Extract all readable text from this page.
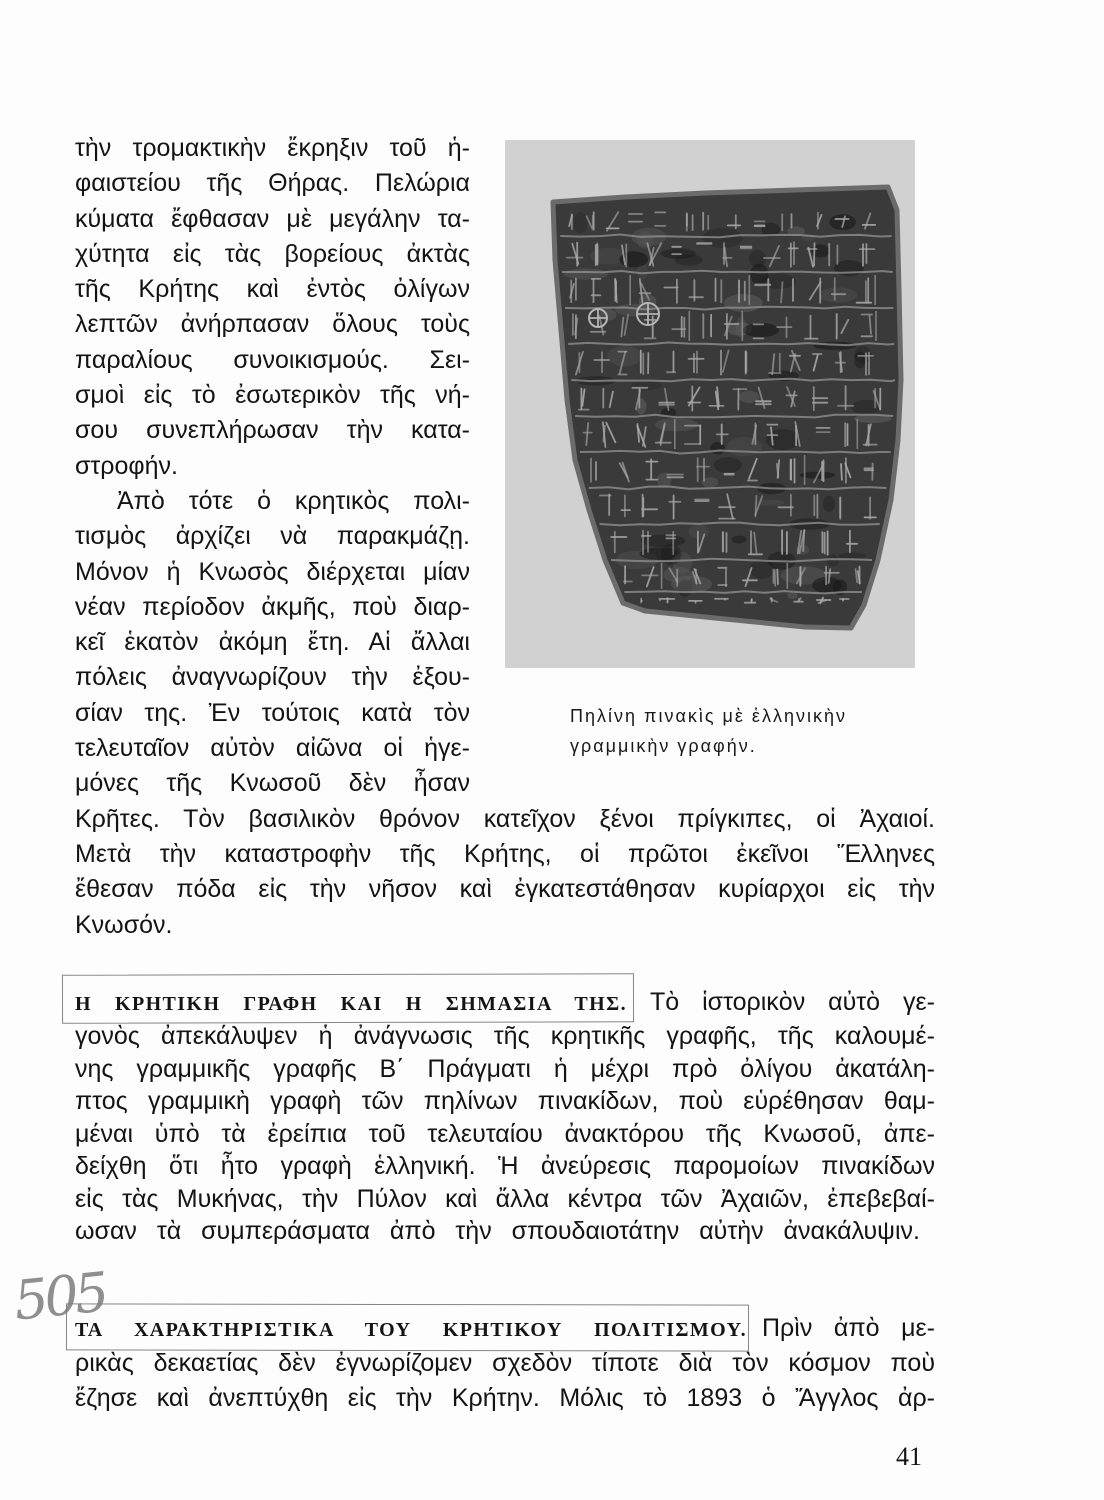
τὴν τρομακτικὴν ἔκρηξιν τοῦ ἡ-
φαιστείου τῆς Θήρας. Πελώρια
κύματα ἔφθασαν μὲ μεγάλην τα-
χύτητα εἰς τὰς βορείους ἀκτὰς
τῆς Κρήτης καὶ ἐντὸς ὀλίγων
λεπτῶν ἀνήρπασαν ὅλους τοὺς
παραλίους συνοικισμούς. Σει-
σμοὶ εἰς τὸ ἐσωτερικὸν τῆς νή-
σου συνεπλήρωσαν τὴν κατα-
στροφήν.
Ἀπὸ τότε ὁ κρητικὸς πολι-
τισμὸς ἀρχίζει νὰ παρακμάζῃ.
Μόνον ἡ Κνωσὸς διέρχεται μίαν
νέαν περίοδον ἀκμῆς, ποὺ διαρ-
κεῖ ἑκατὸν ἀκόμη ἔτη. Αἱ ἄλλαι
πόλεις ἀναγνωρίζουν τὴν ἐξου-
σίαν της. Ἐν τούτοις κατὰ τὸν
τελευταῖον αὐτὸν αἰῶνα οἱ ἡγε-
μόνες τῆς Κνωσοῦ δὲν ἦσαν
Κρῆτες. Τὸν βασιλικὸν θρόνον κατεῖχον ξένοι πρίγκιπες, οἱ Ἀχαιοί.
Μετὰ τὴν καταστροφὴν τῆς Κρήτης, οἱ πρῶτοι ἐκεῖνοι Ἕλληνες
ἔθεσαν πόδα εἰς τὴν νῆσον καὶ ἐγκατεστάθησαν κυρίαρχοι εἰς τὴν
Κνωσόν.
Πηλίνη πινακὶς μὲ ἑλληνικὴν
γραμμικὴν γραφήν.
505
Η ΚΡΗΤΙΚΗ ΓΡΑΦΗ ΚΑΙ Η ΣΗΜΑΣΙΑ ΤΗΣ. Τὸ ἱστορικὸν αὐτὸ γε-
γονὸς ἀπεκάλυψεν ἡ ἀνάγνωσις τῆς κρητικῆς γραφῆς, τῆς καλουμέ-
νης γραμμικῆς γραφῆς Β΄ Πράγματι ἡ μέχρι πρὸ ὀλίγου ἀκατάλη-
πτος γραμμικὴ γραφὴ τῶν πηλίνων πινακίδων, ποὺ εὑρέθησαν θαμ-
μέναι ὑπὸ τὰ ἐρείπια τοῦ τελευταίου ἀνακτόρου τῆς Κνωσοῦ, ἀπε-
δείχθη ὅτι ἦτο γραφὴ ἑλληνική. Ἡ ἀνεύρεσις παρομοίων πινακίδων
εἰς τὰς Μυκήνας, τὴν Πύλον καὶ ἄλλα κέντρα τῶν Ἀχαιῶν, ἐπεβεβαί-
ωσαν τὰ συμπεράσματα ἀπὸ τὴν σπουδαιοτάτην αὐτὴν ἀνακάλυψιν.
ΤΑ ΧΑΡΑΚΤΗΡΙΣΤΙΚΑ ΤΟΥ ΚΡΗΤΙΚΟΥ ΠΟΛΙΤΙΣΜΟΥ. Πρὶν ἀπὸ με-
ρικὰς δεκαετίας δὲν ἐγνωρίζομεν σχεδὸν τίποτε διὰ τὸν κόσμον ποὺ
ἔζησε καὶ ἀνεπτύχθη εἰς τὴν Κρήτην. Μόλις τὸ 1893 ὁ Ἄγγλος ἀρ-
41
